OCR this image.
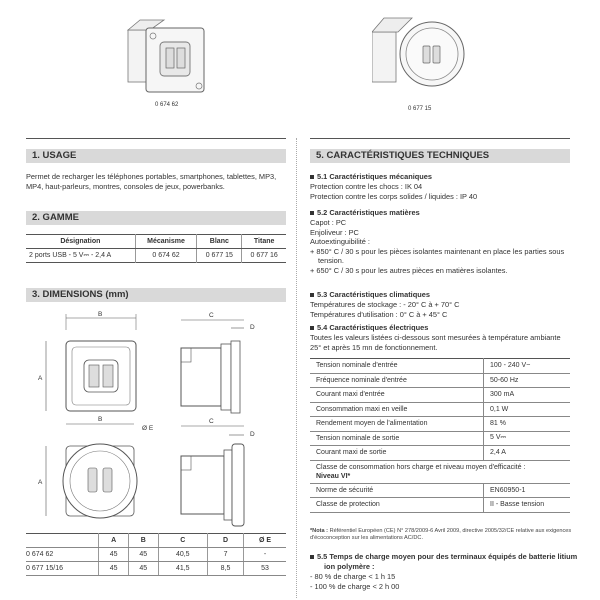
0 674 62
0 677 15
1. USAGE
Permet de recharger les téléphones portables, smartphones, tablettes, MP3, MP4, haut-parleurs, montres, consoles de jeux, powerbanks.
2. GAMME
Désignation	Mécanisme	Blanc	Titane
2 ports USB - 5 V⎓ - 2,4 A	0 674 62	0 677 15	0 677 16
3. DIMENSIONS (mm)
B
A
C
D
B
Ø E
A
C
D
	A	B	C	D	Ø E
0 674 62	45	45	40,5	7	-
0 677 15/16	45	45	41,5	8,5	53
5. CARACTÉRISTIQUES TECHNIQUES
5.1 Caractéristiques mécaniques
Protection contre les chocs : IK 04
Protection contre les corps solides / liquides : IP 40
5.2 Caractéristiques matières
Capot : PC
Enjoliveur : PC
Autoextinguibilité :
+ 850° C / 30 s pour les pièces isolantes maintenant en place les parties sous tension.
+ 650° C / 30 s pour les autres pièces en matières isolantes.
5.3 Caractéristiques climatiques
Températures de stockage : - 20° C à + 70° C
Températures d'utilisation : 0° C à + 45° C
5.4 Caractéristiques électriques
Toutes les valeurs listées ci-dessous sont mesurées à température ambiante 25° et après 15 mn de fonctionnement.
Tension nominale d'entrée	100 - 240 V~
Fréquence nominale d'entrée	50-60 Hz
Courant maxi d'entrée	300 mA
Consommation maxi en veille	0,1 W
Rendement moyen de l'alimentation	81 %
Tension nominale de sortie	5 V⎓
Courant maxi de sortie	2,4 A

Classe de consommation hors charge et niveau moyen d'efficacité :
Niveau VI*	

Norme de sécurité	EN60950-1
Classe de protection	II - Basse tension
*Nota : Référentiel Européen (CE) N° 278/2009-6 Avril 2009, directive 2005/32/CE relative aux exigences d'écoconception sur les alimentations AC/DC.
5.5 Temps de charge moyen pour des terminaux équipés de batterie litium ion polymère :
- 80 % de charge < 1 h 15
- 100 % de charge < 2 h 00
